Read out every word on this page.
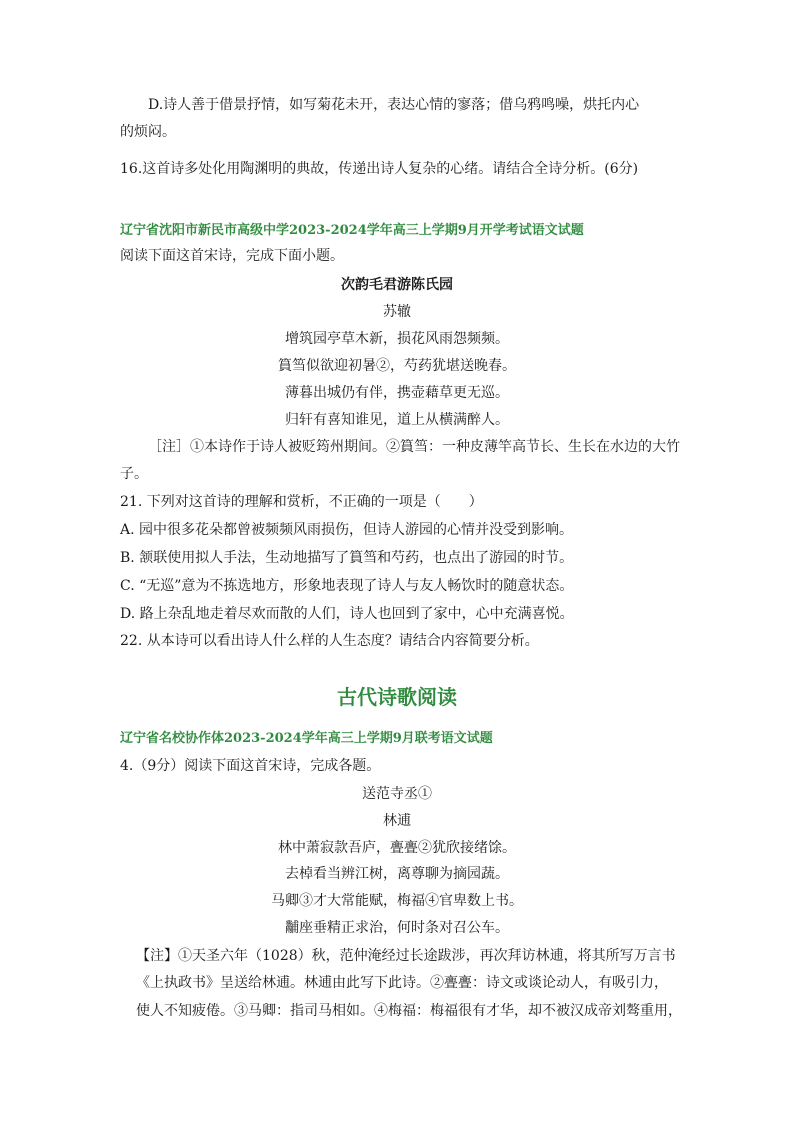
D.诗人善于借景抒情，如写菊花未开，表达心情的寥落；借乌鸦鸣噪，烘托内心
的烦闷。
16.这首诗多处化用陶渊明的典故，传递出诗人复杂的心绪。请结合全诗分析。(6分)
辽宁省沈阳市新民市高级中学2023-2024学年高三上学期9月开学考试语文试题
阅读下面这首宋诗，完成下面小题。
次韵毛君游陈氏园
苏辙
增筑园亭草木新，损花风雨怨频频。
篔筜似欲迎初暑②，芍药犹堪送晚春。
薄暮出城仍有伴，携壶藉草更无巡。
归轩有喜知谁见，道上从横满醉人。
［注］①本诗作于诗人被贬筠州期间。②篔筜：一种皮薄竿高节长、生长在水边的大竹
子。
21. 下列对这首诗的理解和赏析，不正确的一项是（　　）
A. 园中很多花朵都曾被频频风雨损伤，但诗人游园的心情并没受到影响。
B. 颔联使用拟人手法，生动地描写了篔筜和芍药，也点出了游园的时节。
C. “无巡”意为不拣选地方，形象地表现了诗人与友人畅饮时的随意状态。
D. 路上杂乱地走着尽欢而散的人们，诗人也回到了家中，心中充满喜悦。
22. 从本诗可以看出诗人什么样的人生态度？请结合内容简要分析。
古代诗歌阅读
辽宁省名校协作体2023-2024学年高三上学期9月联考语文试题
4.（9分）阅读下面这首宋诗，完成各题。
送范寺丞①
林逋
林中萧寂款吾庐，亹亹②犹欣接绪馀。
去棹看当辨江树，离尊聊为摘园蔬。
马卿③才大常能赋，梅福④官卑数上书。
黼座垂精正求治，何时条对召公车。
【注】①天圣六年（1028）秋，范仲淹经过长途跋涉，再次拜访林逋，将其所写万言书
《上执政书》呈送给林逋。林逋由此写下此诗。②亹亹：诗文或谈论动人，有吸引力，
使人不知疲倦。③马卿：指司马相如。④梅福：梅福很有才华，却不被汉成帝刘骜重用，
